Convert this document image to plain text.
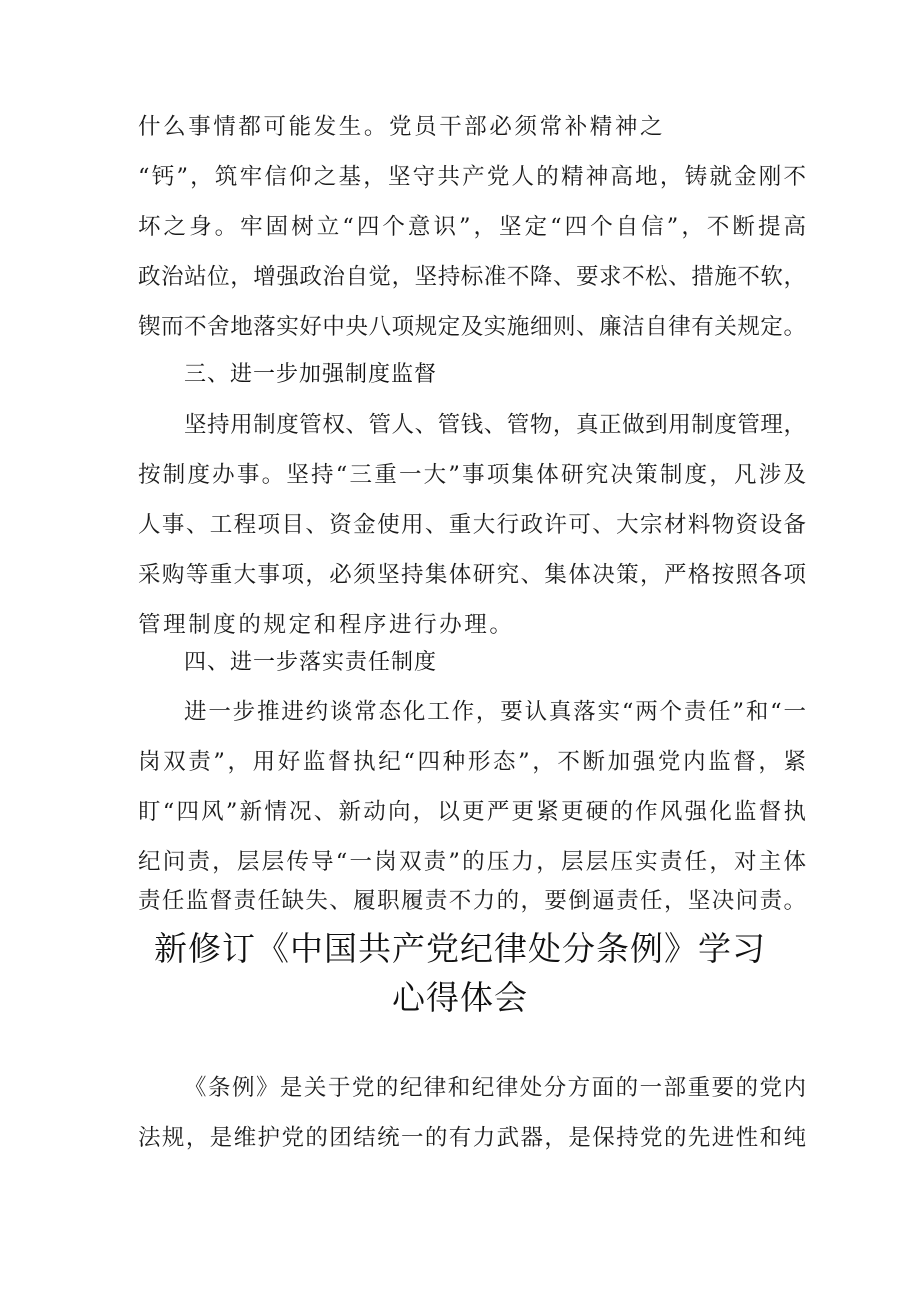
什么事情都可能发生。党员干部必须常补精神之
“钙”，筑牢信仰之基，坚守共产党人的精神高地，铸就金刚不
坏之身。牢固树立“四个意识”，坚定“四个自信”，不断提高
政治站位，增强政治自觉，坚持标准不降、要求不松、措施不软，
锲而不舍地落实好中央八项规定及实施细则、廉洁自律有关规定。
三、进一步加强制度监督
坚持用制度管权、管人、管钱、管物，真正做到用制度管理，
按制度办事。坚持“三重一大”事项集体研究决策制度，凡涉及
人事、工程项目、资金使用、重大行政许可、大宗材料物资设备
采购等重大事项，必须坚持集体研究、集体决策，严格按照各项
管理制度的规定和程序进行办理。
四、进一步落实责任制度
进一步推进约谈常态化工作，要认真落实“两个责任”和“一
岗双责”，用好监督执纪“四种形态”，不断加强党内监督，紧
盯“四风”新情况、新动向，以更严更紧更硬的作风强化监督执
纪问责，层层传导“一岗双责”的压力，层层压实责任，对主体
责任监督责任缺失、履职履责不力的，要倒逼责任，坚决问责。
新修订《中国共产党纪律处分条例》学习
心得体会
《条例》是关于党的纪律和纪律处分方面的一部重要的党内
法规，是维护党的团结统一的有力武器，是保持党的先进性和纯
